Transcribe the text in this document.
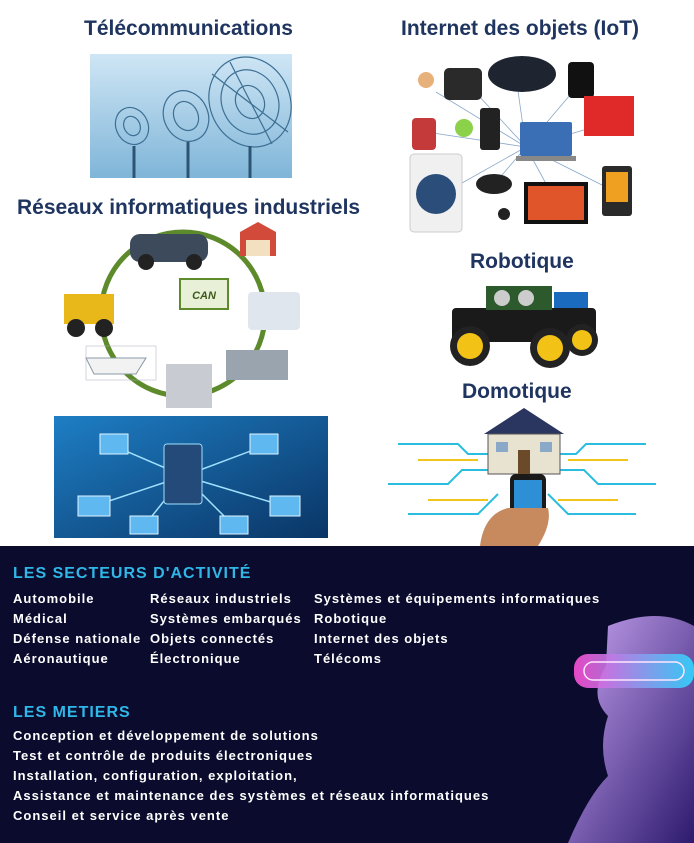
Télécommunications	Internet des objets (IoT)
Réseaux informatiques industriels
Robotique
Domotique
CAN
LES SECTEURS D'ACTIVITÉ
Automobile
Médical
Défense nationale
Aéronautique
Réseaux industriels
Systèmes embarqués
Objets connectés
Électronique
Systèmes et équipements informatiques
Robotique
Internet des objets
Télécoms
LES METIERS
Conception et développement de solutions
Test et contrôle de produits électroniques
Installation, configuration, exploitation,
Assistance et maintenance des systèmes et réseaux informatiques
Conseil et service après vente
